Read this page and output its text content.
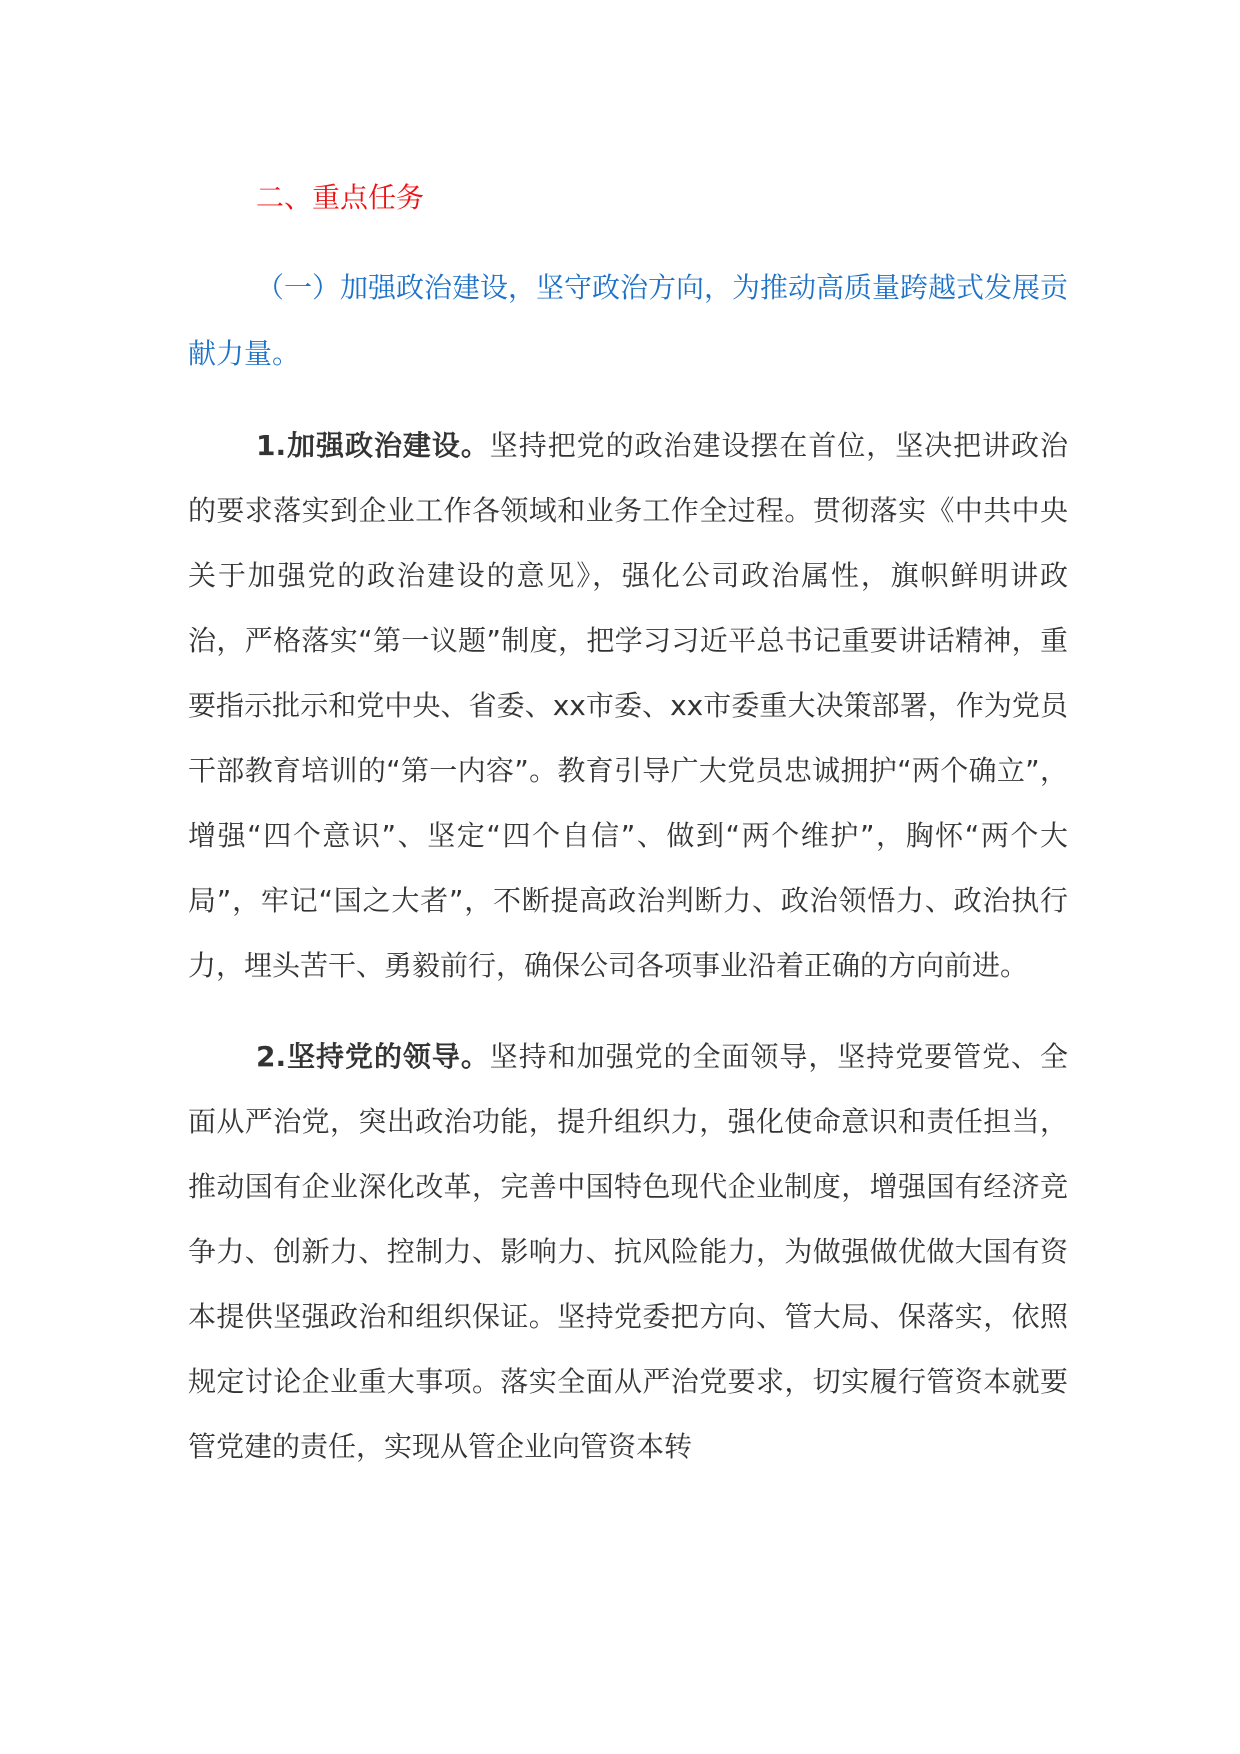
二、重点任务
（一）加强政治建设，坚守政治方向，为推动高质量跨越式发展贡献力量。

1.加强政治建设。坚持把党的政治建设摆在首位，坚决把讲政治的要求落实到企业工作各领域和业务工作全过程。贯彻落实《中共中央关于加强党的政治建设的意见》，强化公司政治属性，旗帜鲜明讲政治，严格落实“第一议题”制度，把学习习近平总书记重要讲话精神，重要指示批示和党中央、省委、xx市委、xx市委重大决策部署，作为党员干部教育培训的“第一内容”。教育引导广大党员忠诚拥护“两个确立”，增强“四个意识”、坚定“四个自信”、做到“两个维护”，胸怀“两个大局”，牢记“国之大者”，不断提高政治判断力、政治领悟力、政治执行力，埋头苦干、勇毅前行，确保公司各项事业沿着正确的方向前进。

2.坚持党的领导。坚持和加强党的全面领导，坚持党要管党、全面从严治党，突出政治功能，提升组织力，强化使命意识和责任担当，推动国有企业深化改革，完善中国特色现代企业制度，增强国有经济竞争力、创新力、控制力、影响力、抗风险能力，为做强做优做大国有资本提供坚强政治和组织保证。坚持党委把方向、管大局、保落实，依照规定讨论企业重大事项。落实全面从严治党要求，切实履行管资本就要管党建的责任，实现从管企业向管资本转
